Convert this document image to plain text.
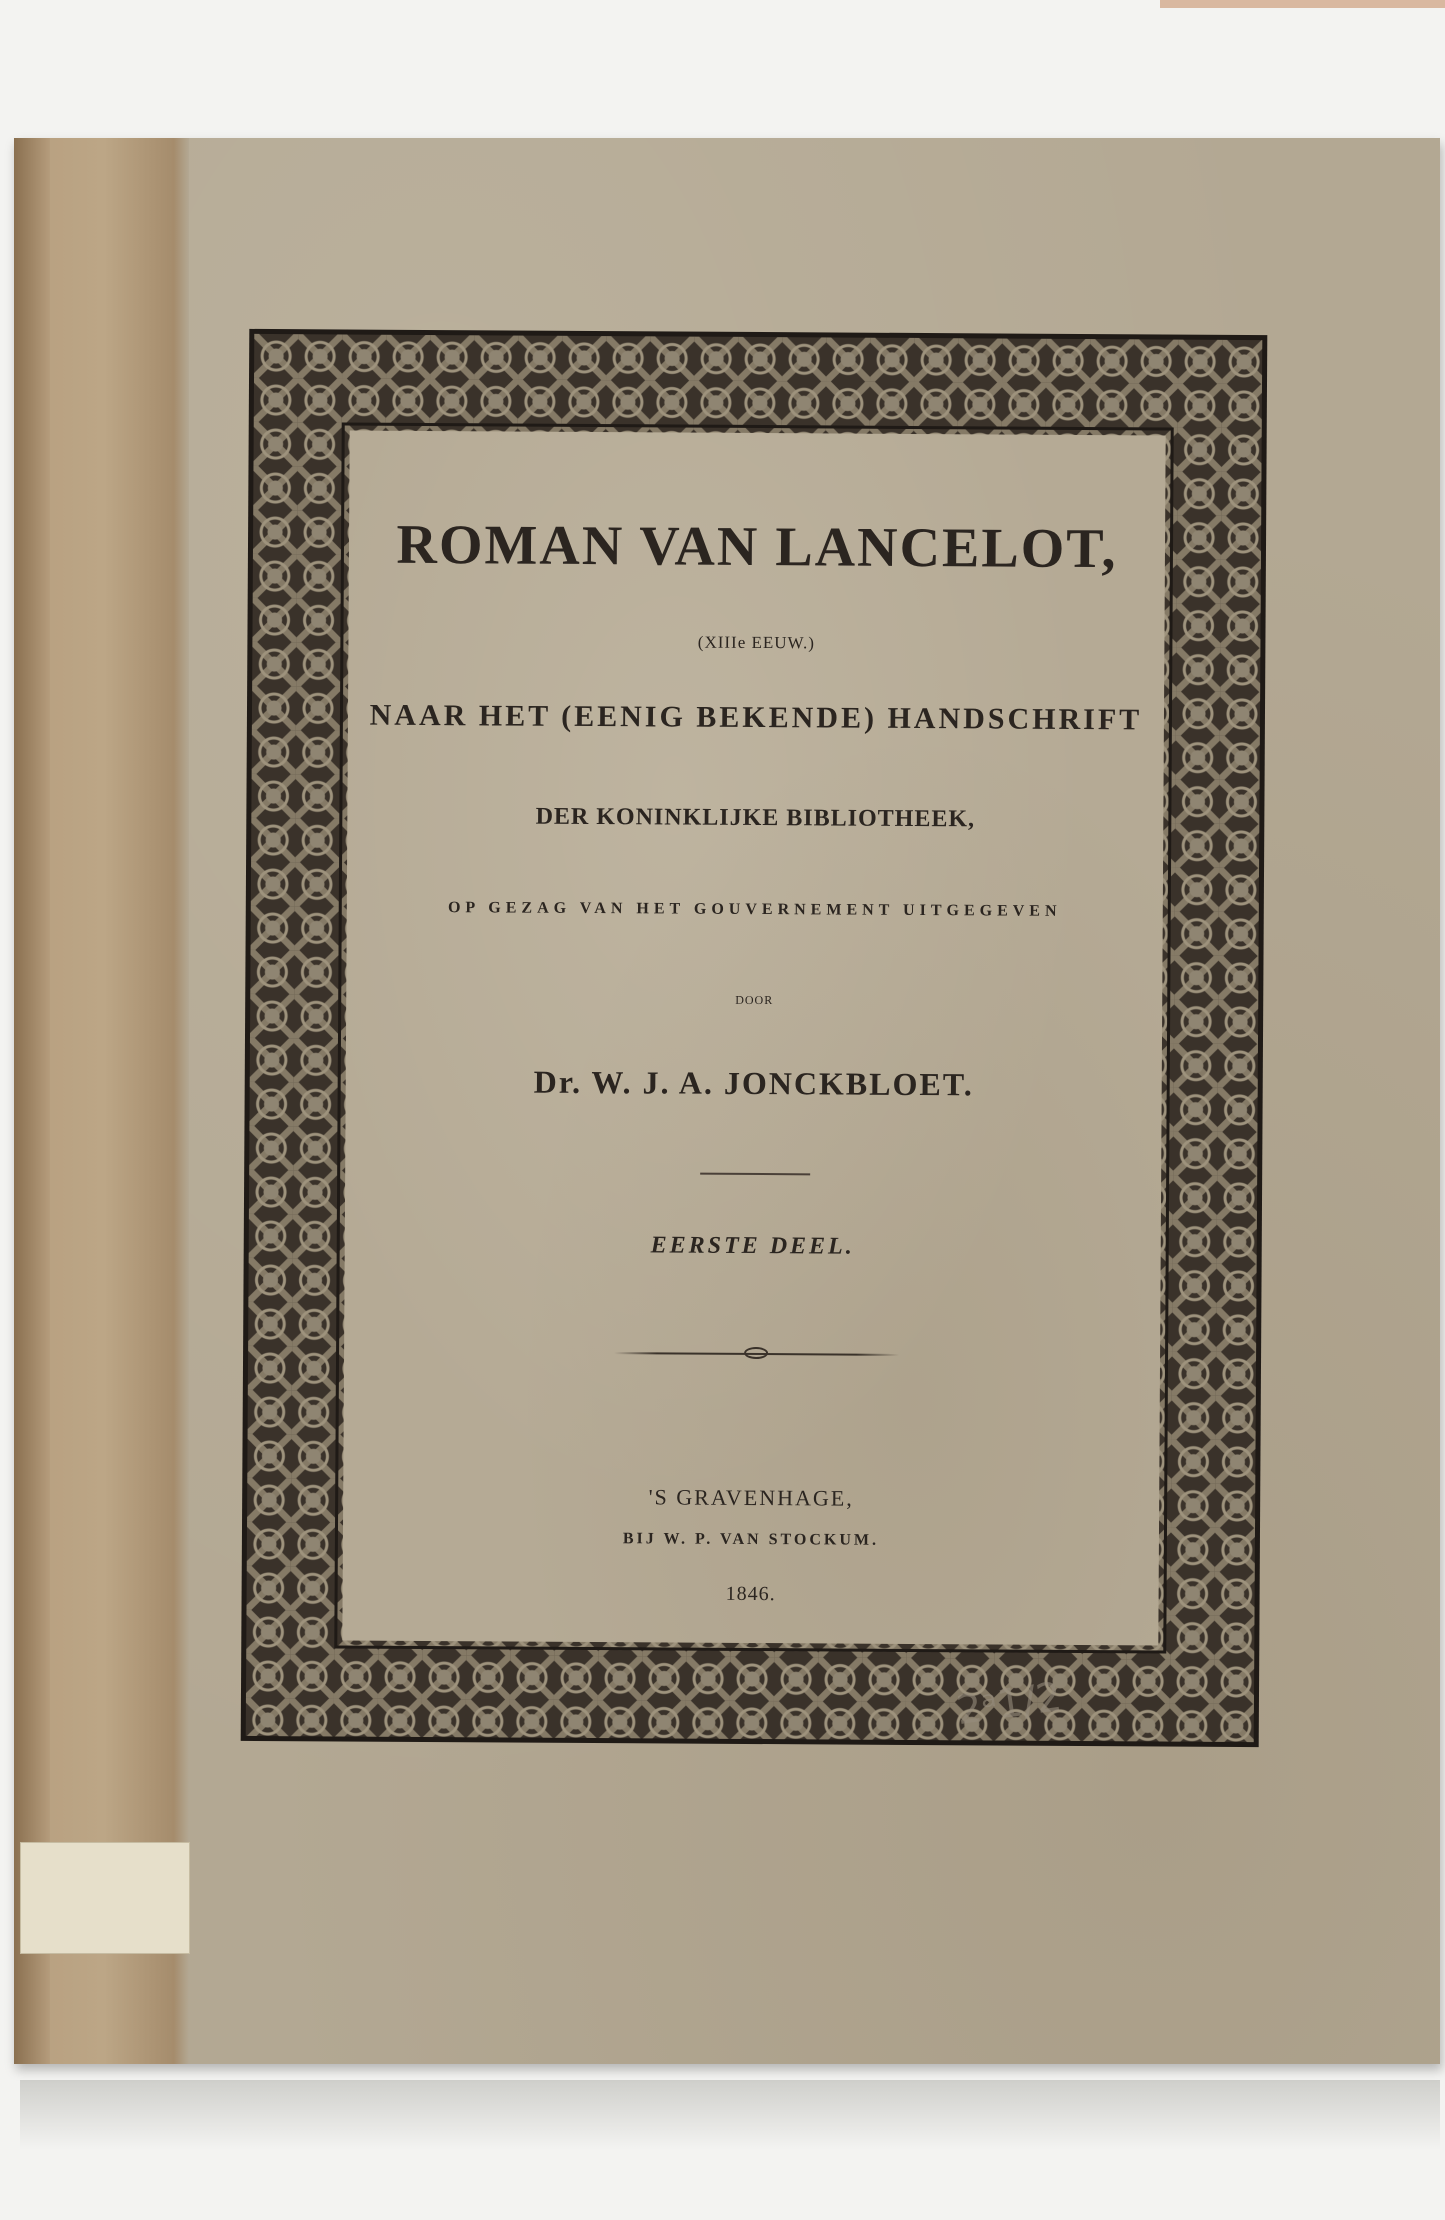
ROMAN VAN LANCELOT,
(XIIIe EEUW.)
NAAR HET (EENIG BEKENDE) HANDSCHRIFT
DER KONINKLIJKE BIBLIOTHEEK,
OP GEZAG VAN HET GOUVERNEMENT UITGEGEVEN
DOOR
Dr. W. J. A. JONCKBLOET.
EERSTE DEEL.
'S GRAVENHAGE,
BIJ W. P. VAN STOCKUM.
1846.
2ᵃ1/2
